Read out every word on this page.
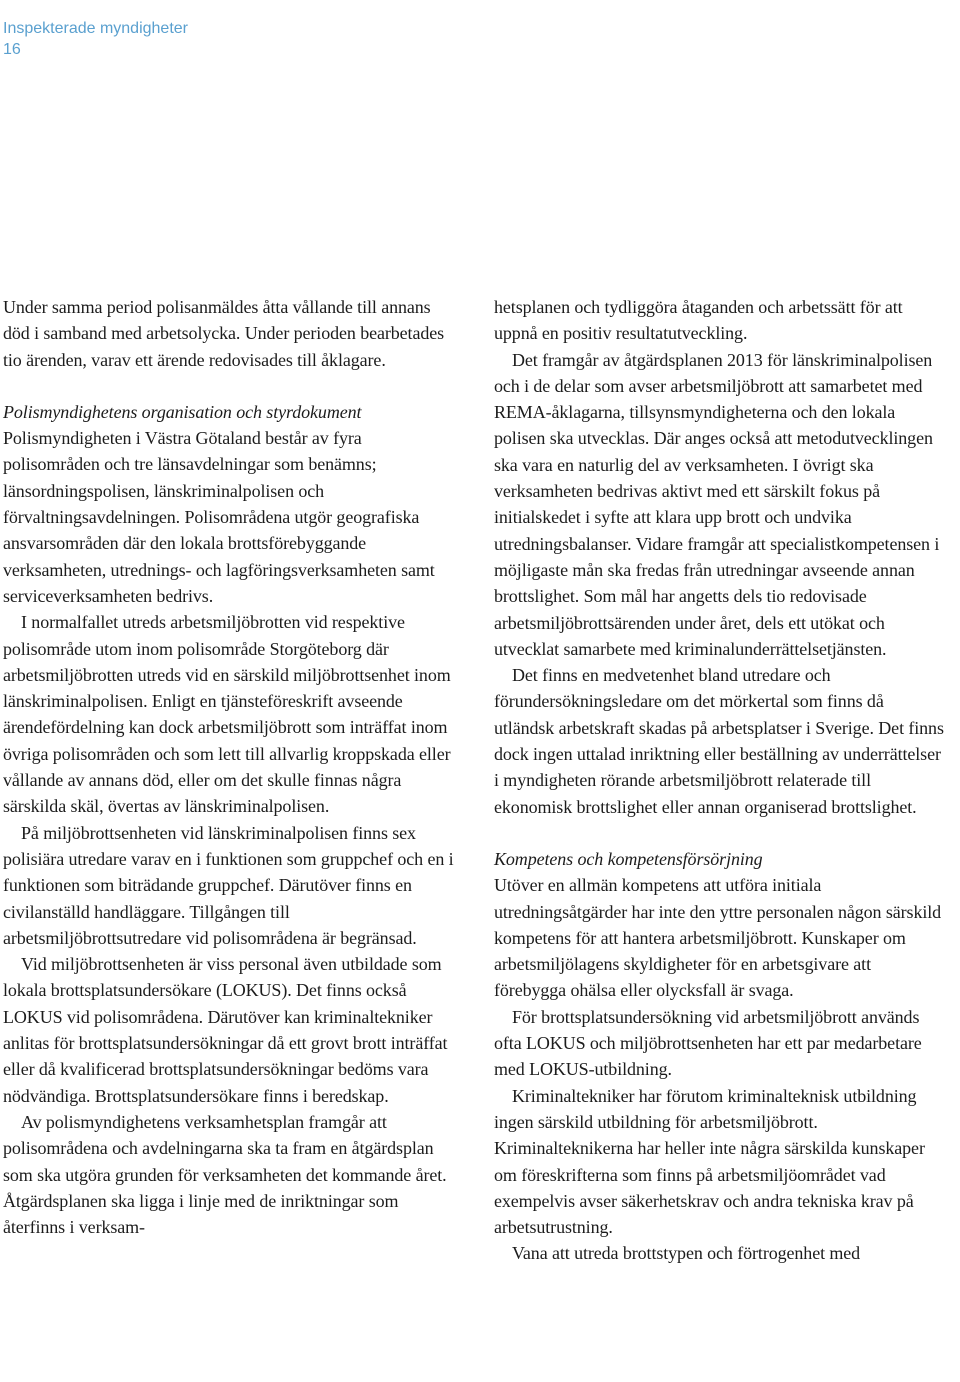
Inspekterade myndigheter
16

Under samma period polisanmäldes åtta vållande till annans död i samband med arbetsolycka. Under perioden bearbetades tio ärenden, varav ett ärende redovisades till åklagare.

Polismyndighetens organisation och styrdokument

Polismyndigheten i Västra Götaland består av fyra polisområden och tre länsavdelningar som benämns; länsordningspolisen, länskriminalpolisen och förvaltningsavdelningen. Polisområdena utgör geografiska ansvarsområden där den lokala brottsförebyggande verksamheten, utrednings- och lagföringsverksamheten samt serviceverksamheten bedrivs.

I normalfallet utreds arbetsmiljöbrotten vid respektive polisområde utom inom polisområde Storgöteborg där arbetsmiljöbrotten utreds vid en särskild miljöbrottsenhet inom länskriminalpolisen. Enligt en tjänsteföreskrift avseende ärendefördelning kan dock arbetsmiljöbrott som inträffat inom övriga polisområden och som lett till allvarlig kroppskada eller vållande av annans död, eller om det skulle finnas några särskilda skäl, övertas av länskriminalpolisen.

På miljöbrottsenheten vid länskriminalpolisen finns sex polisiära utredare varav en i funktionen som gruppchef och en i funktionen som biträdande gruppchef. Därutöver finns en civilanställd handläggare. Tillgången till arbetsmiljöbrottsutredare vid polisområdena är begränsad.

Vid miljöbrottsenheten är viss personal även utbildade som lokala brottsplatsundersökare (LOKUS). Det finns också LOKUS vid polisområdena. Därutöver kan kriminaltekniker anlitas för brottsplatsundersökningar då ett grovt brott inträffat eller då kvalificerad brottsplatsundersökningar bedöms vara nödvändiga. Brottsplatsundersökare finns i beredskap.

Av polismyndighetens verksamhetsplan framgår att polisområdena och avdelningarna ska ta fram en åtgärdsplan som ska utgöra grunden för verksamheten det kommande året. Åtgärdsplanen ska ligga i linje med de inriktningar som återfinns i verksam-

hetsplanen och tydliggöra åtaganden och arbetssätt för att uppnå en positiv resultatutveckling.

Det framgår av åtgärdsplanen 2013 för länskriminalpolisen och i de delar som avser arbetsmiljöbrott att samarbetet med REMA-åklagarna, tillsynsmyndigheterna och den lokala polisen ska utvecklas. Där anges också att metodutvecklingen ska vara en naturlig del av verksamheten. I övrigt ska verksamheten bedrivas aktivt med ett särskilt fokus på initialskedet i syfte att klara upp brott och undvika utredningsbalanser. Vidare framgår att specialistkompetensen i möjligaste mån ska fredas från utredningar avseende annan brottslighet. Som mål har angetts dels tio redovisade arbetsmiljöbrottsärenden under året, dels ett utökat och utvecklat samarbete med kriminalunderrättelsetjänsten.

Det finns en medvetenhet bland utredare och förundersökningsledare om det mörkertal som finns då utländsk arbetskraft skadas på arbetsplatser i Sverige. Det finns dock ingen uttalad inriktning eller beställning av underrättelser i myndigheten rörande arbetsmiljöbrott relaterade till ekonomisk brottslighet eller annan organiserad brottslighet.

Kompetens och kompetensförsörjning

Utöver en allmän kompetens att utföra initiala utredningsåtgärder har inte den yttre personalen någon särskild kompetens för att hantera arbetsmiljöbrott. Kunskaper om arbetsmiljölagens skyldigheter för en arbetsgivare att förebygga ohälsa eller olycksfall är svaga.

För brottsplatsundersökning vid arbetsmiljöbrott används ofta LOKUS och miljöbrottsenheten har ett par medarbetare med LOKUS-utbildning.

Kriminaltekniker har förutom kriminalteknisk utbildning ingen särskild utbildning för arbetsmiljöbrott. Kriminalteknikerna har heller inte några särskilda kunskaper om föreskrifterna som finns på arbetsmiljöområdet vad exempelvis avser säkerhetskrav och andra tekniska krav på arbetsutrustning.

Vana att utreda brottstypen och förtrogenhet med
